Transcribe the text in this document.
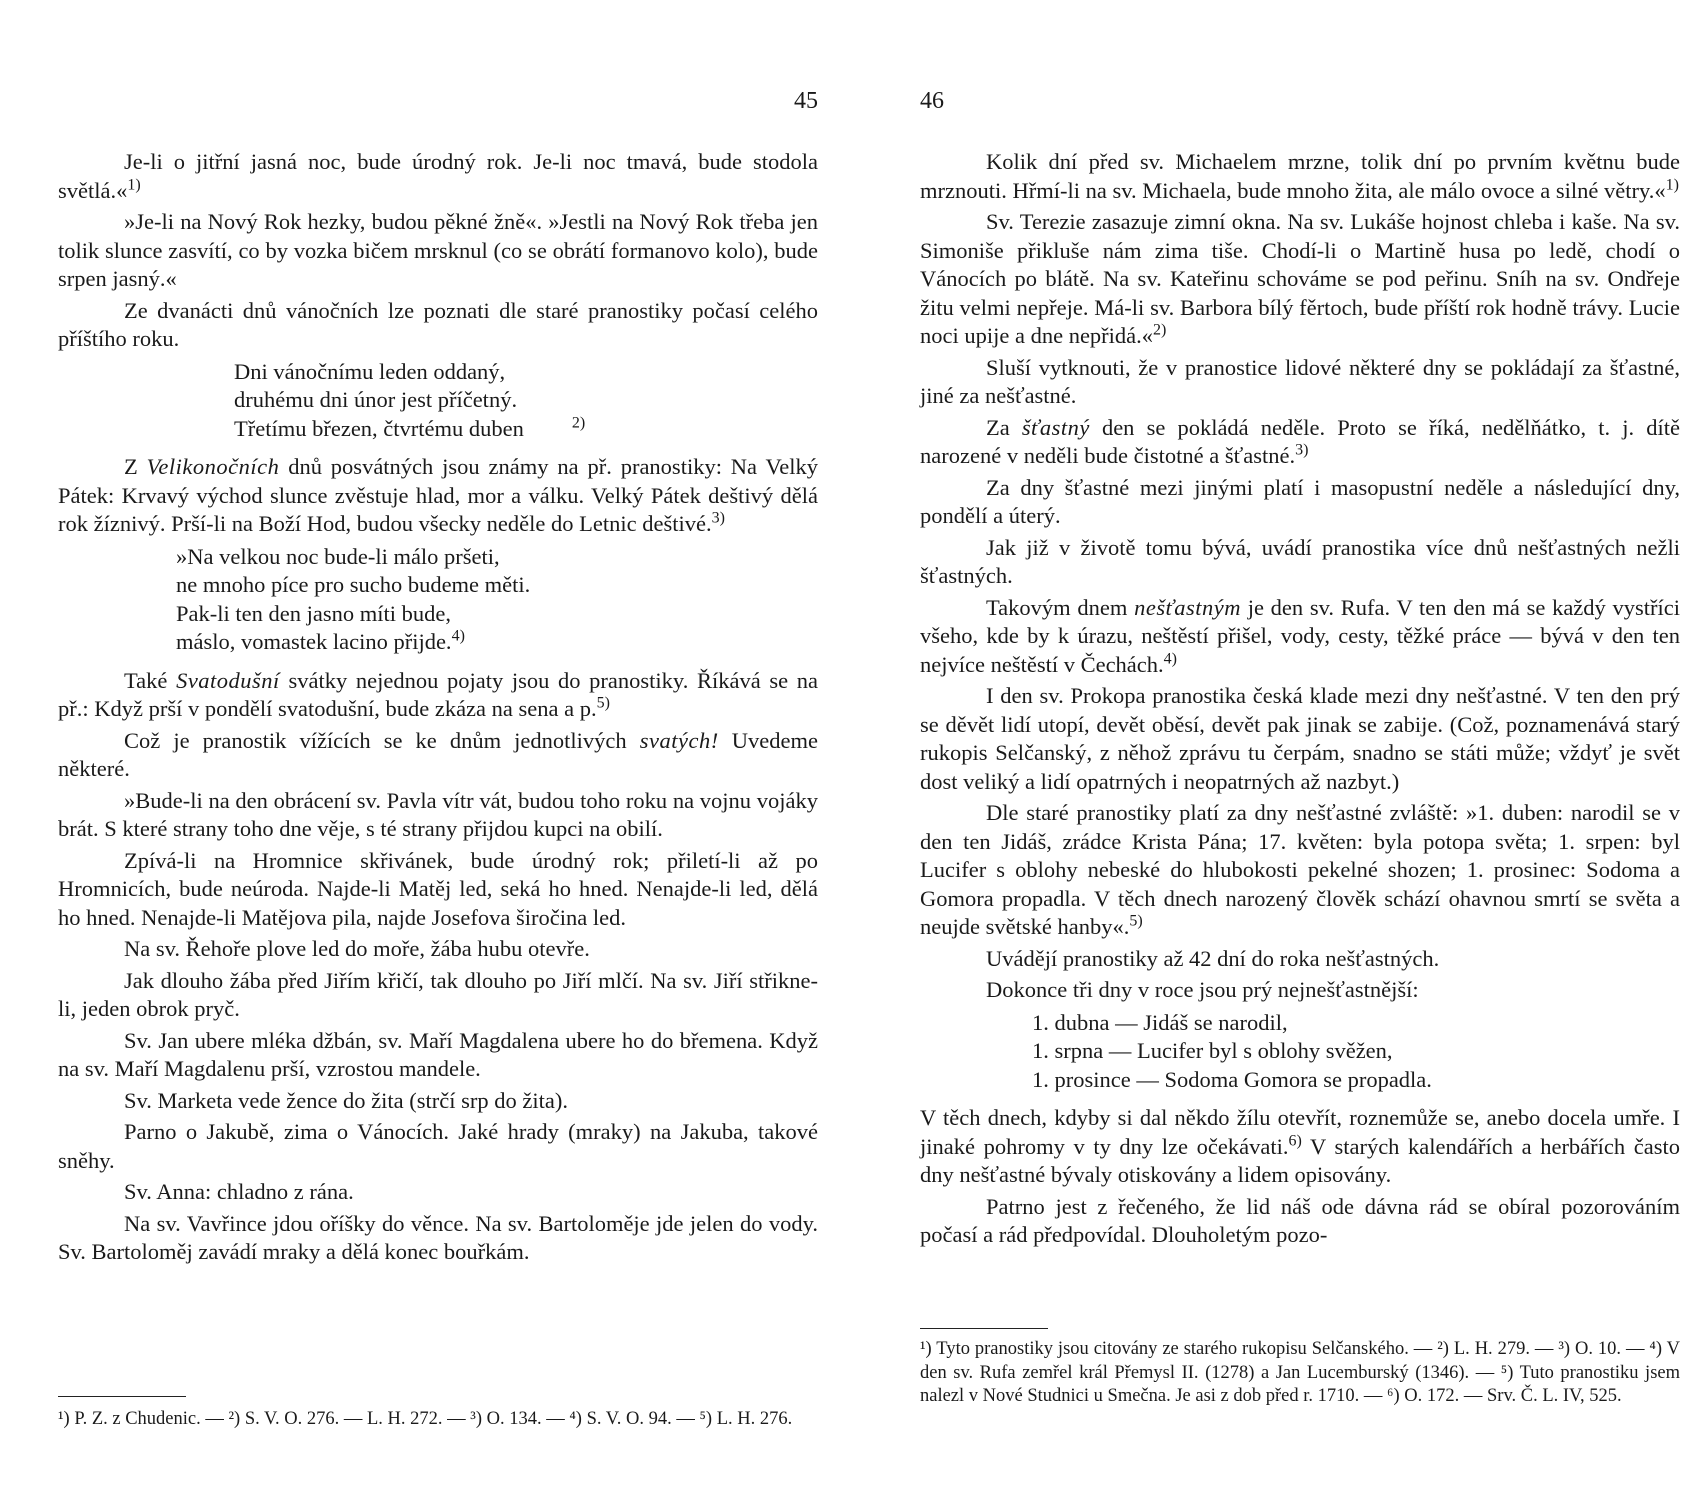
45

Je-li o jitřní jasná noc, bude úrodný rok. Je-li noc tmavá, bude stodola světlá.«$^{1)}$

»Je-li na Nový Rok hezky, budou pěkné žně«. »Jestli na Nový Rok třeba jen tolik slunce zasvítí, co by vozka bičem mrsknul (co se obrátí formanovo kolo), bude srpen jasný.«

Ze dvanácti dnů vánočních lze poznati dle staré pranostiky počasí celého příštího roku.

Dni vánočnímu leden oddaný,
druhému dni únor jest příčetný.
Třetímu březen, čtvrtému duben	$^{2)}$

Z Velikonočních dnů posvátných jsou známy na př. pranostiky: Na Velký Pátek: Krvavý východ slunce zvěstuje hlad, mor a válku. Velký Pátek deštivý dělá rok žíznivý. Prší-li na Boží Hod, budou všecky neděle do Letnic deštivé.$^{3)}$

»Na velkou noc bude-li málo pršeti,
ne mnoho píce pro sucho budeme měti.
Pak-li ten den jasno míti bude,
máslo, vomastek lacino přijde.$^{4)}$

Také Svatodušní svátky nejednou pojaty jsou do pranostiky. Říkává se na př.: Když prší v pondělí svatodušní, bude zkáza na sena a p.$^{5)}$

Což je pranostik vížících se ke dnům jednotlivých svatých! Uvedeme některé.

»Bude-li na den obrácení sv. Pavla vítr vát, budou toho roku na vojnu vojáky brát. S které strany toho dne věje, s té strany přijdou kupci na obilí.

Zpívá-li na Hromnice skřivánek, bude úrodný rok; přiletí-li až po Hromnicích, bude neúroda. Najde-li Matěj led, seká ho hned. Nenajde-li led, dělá ho hned. Nenajde-li Matějova pila, najde Josefova širočina led.

Na sv. Řehoře plove led do moře, žába hubu otevře.

Jak dlouho žába před Jiřím křičí, tak dlouho po Jiří mlčí. Na sv. Jiří střikne-li, jeden obrok pryč.

Sv. Jan ubere mléka džbán, sv. Maří Magdalena ubere ho do břemena. Když na sv. Maří Magdalenu prší, vzrostou mandele.

Sv. Marketa vede žence do žita (strčí srp do žita).

Parno o Jakubě, zima o Vánocích. Jaké hrady (mraky) na Jakuba, takové sněhy.

Sv. Anna: chladno z rána.

Na sv. Vavřince jdou oříšky do věnce. Na sv. Bartoloměje jde jelen do vody. Sv. Bartoloměj zavádí mraky a dělá konec bouřkám.

¹) P. Z. z Chudenic. — ²) S. V. O. 276. — L. H. 272. — ³) O. 134. — ⁴) S. V. O. 94. — ⁵) L. H. 276.

46

Kolik dní před sv. Michaelem mrzne, tolik dní po prvním květnu bude mrznouti. Hřmí-li na sv. Michaela, bude mnoho žita, ale málo ovoce a silné větry.«$^{1)}$

Sv. Terezie zasazuje zimní okna. Na sv. Lukáše hojnost chleba i kaše. Na sv. Simoniše přikluše nám zima tiše. Chodí-li o Martině husa po ledě, chodí o Vánocích po blátě. Na sv. Kateřinu schováme se pod peřinu. Sníh na sv. Ondřeje žitu velmi nepřeje. Má-li sv. Barbora bílý fěrtoch, bude příští rok hodně trávy. Lucie noci upije a dne nepřidá.«$^{2)}$

Sluší vytknouti, že v pranostice lidové některé dny se pokládají za šťastné, jiné za nešťastné.

Za šťastný den se pokládá neděle. Proto se říká, nedělňátko, t. j. dítě narozené v neděli bude čistotné a šťastné.$^{3)}$

Za dny šťastné mezi jinými platí i masopustní neděle a následující dny, pondělí a úterý.

Jak již v životě tomu bývá, uvádí pranostika více dnů nešťastných nežli šťastných.

Takovým dnem nešťastným je den sv. Rufa. V ten den má se každý vystříci všeho, kde by k úrazu, neštěstí přišel, vody, cesty, těžké práce — bývá v den ten nejvíce neštěstí v Čechách.$^{4)}$

I den sv. Prokopa pranostika česká klade mezi dny nešťastné. V ten den prý se děvět lidí utopí, devět oběsí, devět pak jinak se zabije. (Což, poznamenává starý rukopis Selčanský, z něhož zprávu tu čerpám, snadno se státi může; vždyť je svět dost veliký a lidí opatrných i neopatrných až nazbyt.)

Dle staré pranostiky platí za dny nešťastné zvláště: »1. duben: narodil se v den ten Jidáš, zrádce Krista Pána; 17. květen: byla potopa světa; 1. srpen: byl Lucifer s oblohy nebeské do hlubokosti pekelné shozen; 1. prosinec: Sodoma a Gomora propadla. V těch dnech narozený člověk schází ohavnou smrtí se světa a neujde světské hanby«.$^{5)}$

Uvádějí pranostiky až 42 dní do roka nešťastných.

Dokonce tři dny v roce jsou prý nejnešťastnější:

1. dubna — Jidáš se narodil,
1. srpna — Lucifer byl s oblohy svěžen,
1. prosince — Sodoma Gomora se propadla.

V těch dnech, kdyby si dal někdo žílu otevřít, roznemůže se, anebo docela umře. I jinaké pohromy v ty dny lze očekávati.$^{6)}$ V starých kalendářích a herbářích často dny nešťastné bývaly otiskovány a lidem opisovány.

Patrno jest z řečeného, že lid náš ode dávna rád se obíral pozorováním počasí a rád předpovídal. Dlouholetým pozo-

¹) Tyto pranostiky jsou citovány ze starého rukopisu Selčanského. — ²) L. H. 279. — ³) O. 10. — ⁴) V den sv. Rufa zemřel král Přemysl II. (1278) a Jan Lucemburský (1346). — ⁵) Tuto pranostiku jsem nalezl v Nové Studnici u Smečna. Je asi z dob před r. 1710. — ⁶) O. 172. — Srv. Č. L. IV, 525.
